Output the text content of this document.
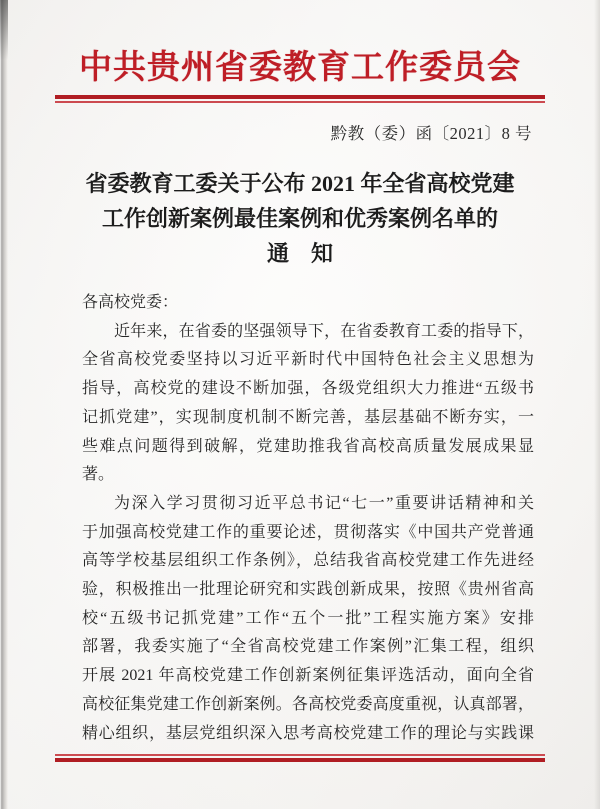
中共贵州省委教育工作委员会
黔教（委）函〔2021〕8 号
省委教育工委关于公布 2021 年全省高校党建
工作创新案例最佳案例和优秀案例名单的
通　知
各高校党委：
近年来，在省委的坚强领导下，在省委教育工委的指导下，
全省高校党委坚持以习近平新时代中国特色社会主义思想为
指导，高校党的建设不断加强，各级党组织大力推进“五级书
记抓党建”，实现制度机制不断完善，基层基础不断夯实，一
些难点问题得到破解，党建助推我省高校高质量发展成果显
著。
为深入学习贯彻习近平总书记“七一”重要讲话精神和关
于加强高校党建工作的重要论述，贯彻落实《中国共产党普通
高等学校基层组织工作条例》，总结我省高校党建工作先进经
验，积极推出一批理论研究和实践创新成果，按照《贵州省高
校“五级书记抓党建”工作“五个一批”工程实施方案》安排
部署，我委实施了“全省高校党建工作案例”汇集工程，组织
开展 2021 年高校党建工作创新案例征集评选活动，面向全省
高校征集党建工作创新案例。各高校党委高度重视，认真部署，
精心组织，基层党组织深入思考高校党建工作的理论与实践课
